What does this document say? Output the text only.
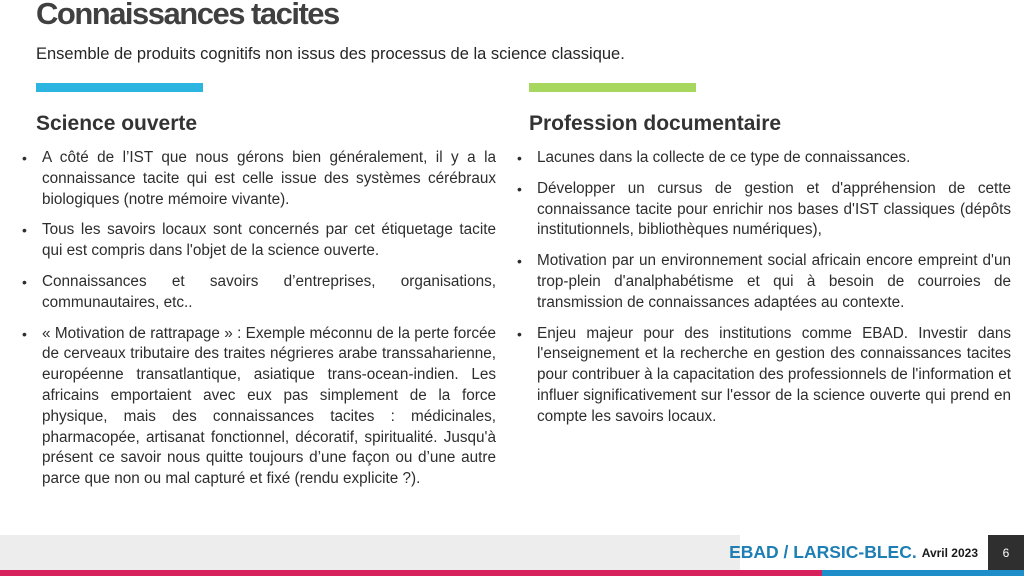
Connaissances tacites
Ensemble de produits cognitifs non issus des processus de la science classique.
Science ouverte	Profession documentaire
• A côté de l’IST que nous gérons bien généralement, il y a la connaissance tacite qui est celle issue des systèmes cérébraux biologiques (notre mémoire vivante).
• Tous les savoirs locaux sont concernés par cet étiquetage tacite qui est compris dans l'objet de la science ouverte.
• Connaissances et savoirs d’entreprises, organisations, communautaires, etc..
• « Motivation de rattrapage » : Exemple méconnu de la perte forcée de cerveaux tributaire des traites négrieres arabe transsaharienne, européenne transatlantique, asiatique trans-ocean-indien. Les africains emportaient avec eux pas simplement de la force physique, mais des connaissances tacites : médicinales, pharmacopée, artisanat fonctionnel, décoratif, spiritualité. Jusqu'à présent ce savoir nous quitte toujours d’une façon ou d’une autre parce que non ou mal capturé et fixé (rendu explicite ?).
• Lacunes dans la collecte de ce type de connaissances.
• Développer un cursus de gestion et d'appréhension de cette connaissance tacite pour enrichir nos bases d'IST classiques (dépôts institutionnels, bibliothèques numériques),
• Motivation par un environnement social africain encore empreint d'un trop-plein d'analphabétisme et qui à besoin de courroies de transmission de connaissances adaptées au contexte.
• Enjeu majeur pour des institutions comme EBAD. Investir dans l'enseignement et la recherche en gestion des connaissances tacites pour contribuer à la capacitation des professionnels de l'information et influer significativement sur l'essor de la science ouverte qui prend en compte les savoirs locaux.
EBAD / LARSIC-BLEC. Avril 2023	6
